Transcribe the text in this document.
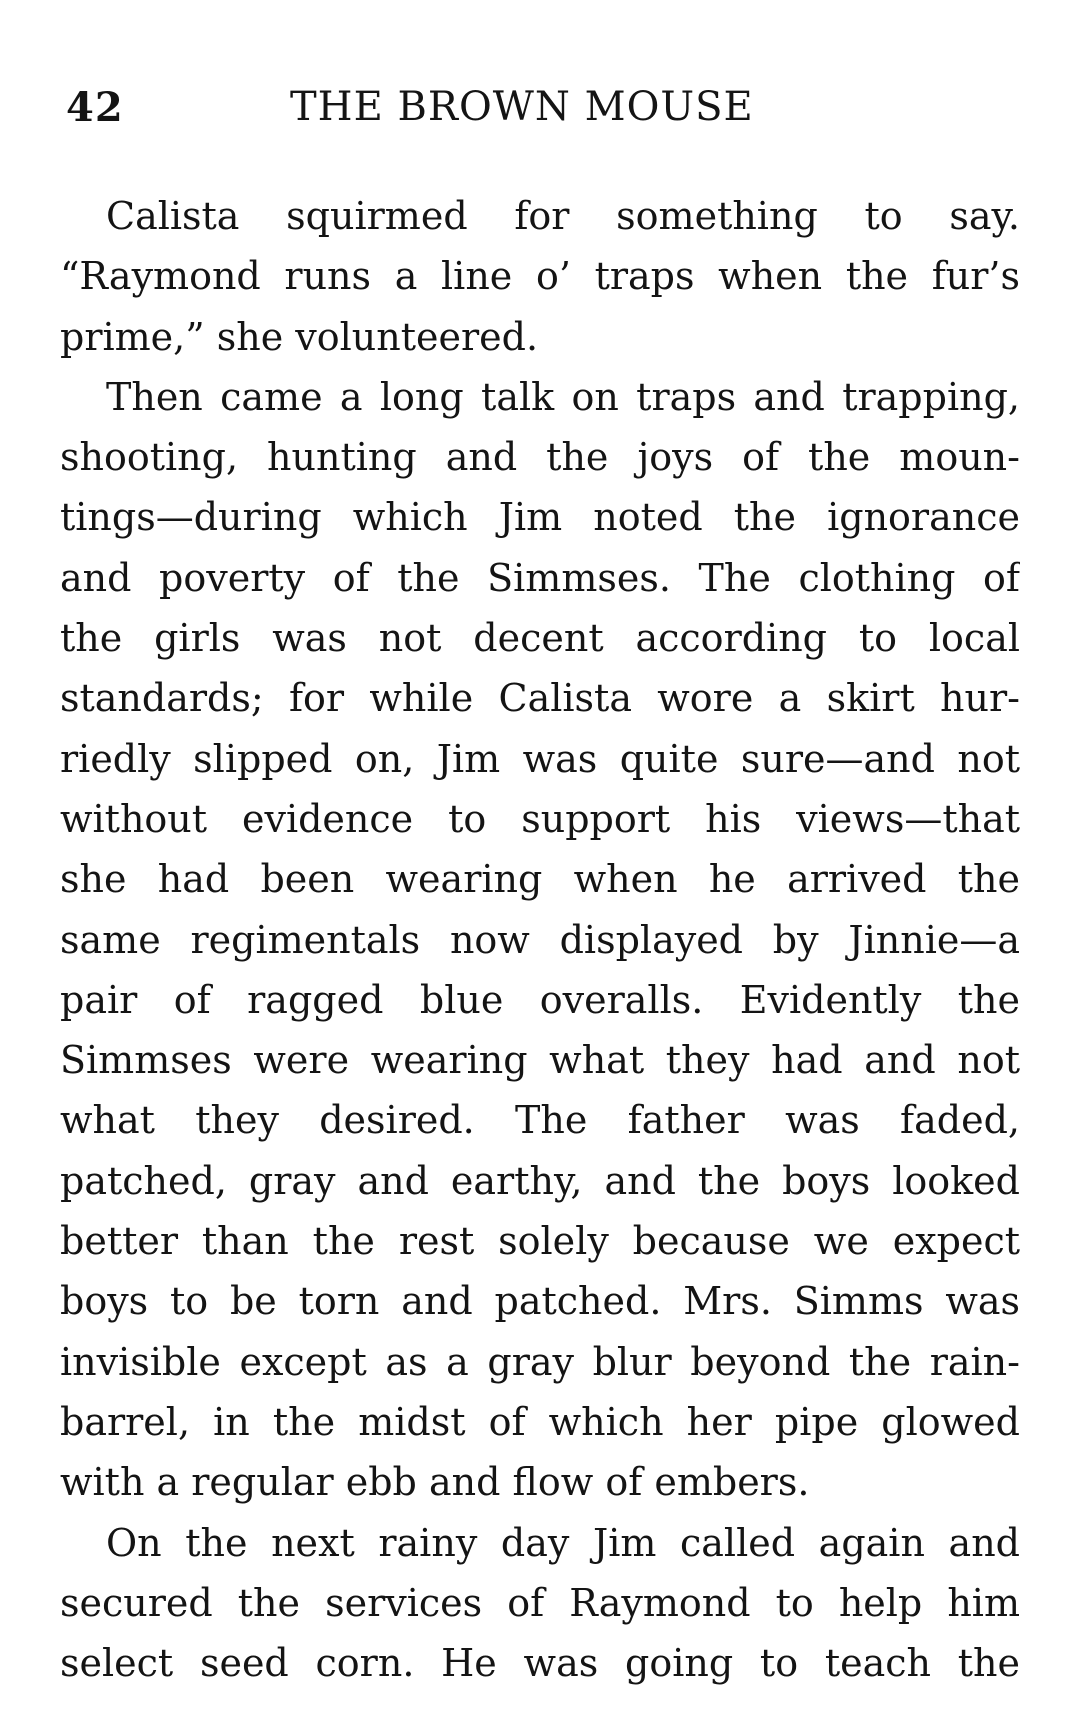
42	THE BROWN MOUSE
Calista squirmed for something to say.
“Raymond runs a line o’ traps when the fur’s
prime,” she volunteered.
Then came a long talk on traps and trapping,
shooting, hunting and the joys of the moun-
tings—during which Jim noted the ignorance
and poverty of the Simmses. The clothing of
the girls was not decent according to local
standards; for while Calista wore a skirt hur-
riedly slipped on, Jim was quite sure—and not
without evidence to support his views—that
she had been wearing when he arrived the
same regimentals now displayed by Jinnie—a
pair of ragged blue overalls. Evidently the
Simmses were wearing what they had and not
what they desired. The father was faded,
patched, gray and earthy, and the boys looked
better than the rest solely because we expect
boys to be torn and patched. Mrs. Simms was
invisible except as a gray blur beyond the rain-
barrel, in the midst of which her pipe glowed
with a regular ebb and flow of embers.
On the next rainy day Jim called again and
secured the services of Raymond to help him
select seed corn. He was going to teach the
